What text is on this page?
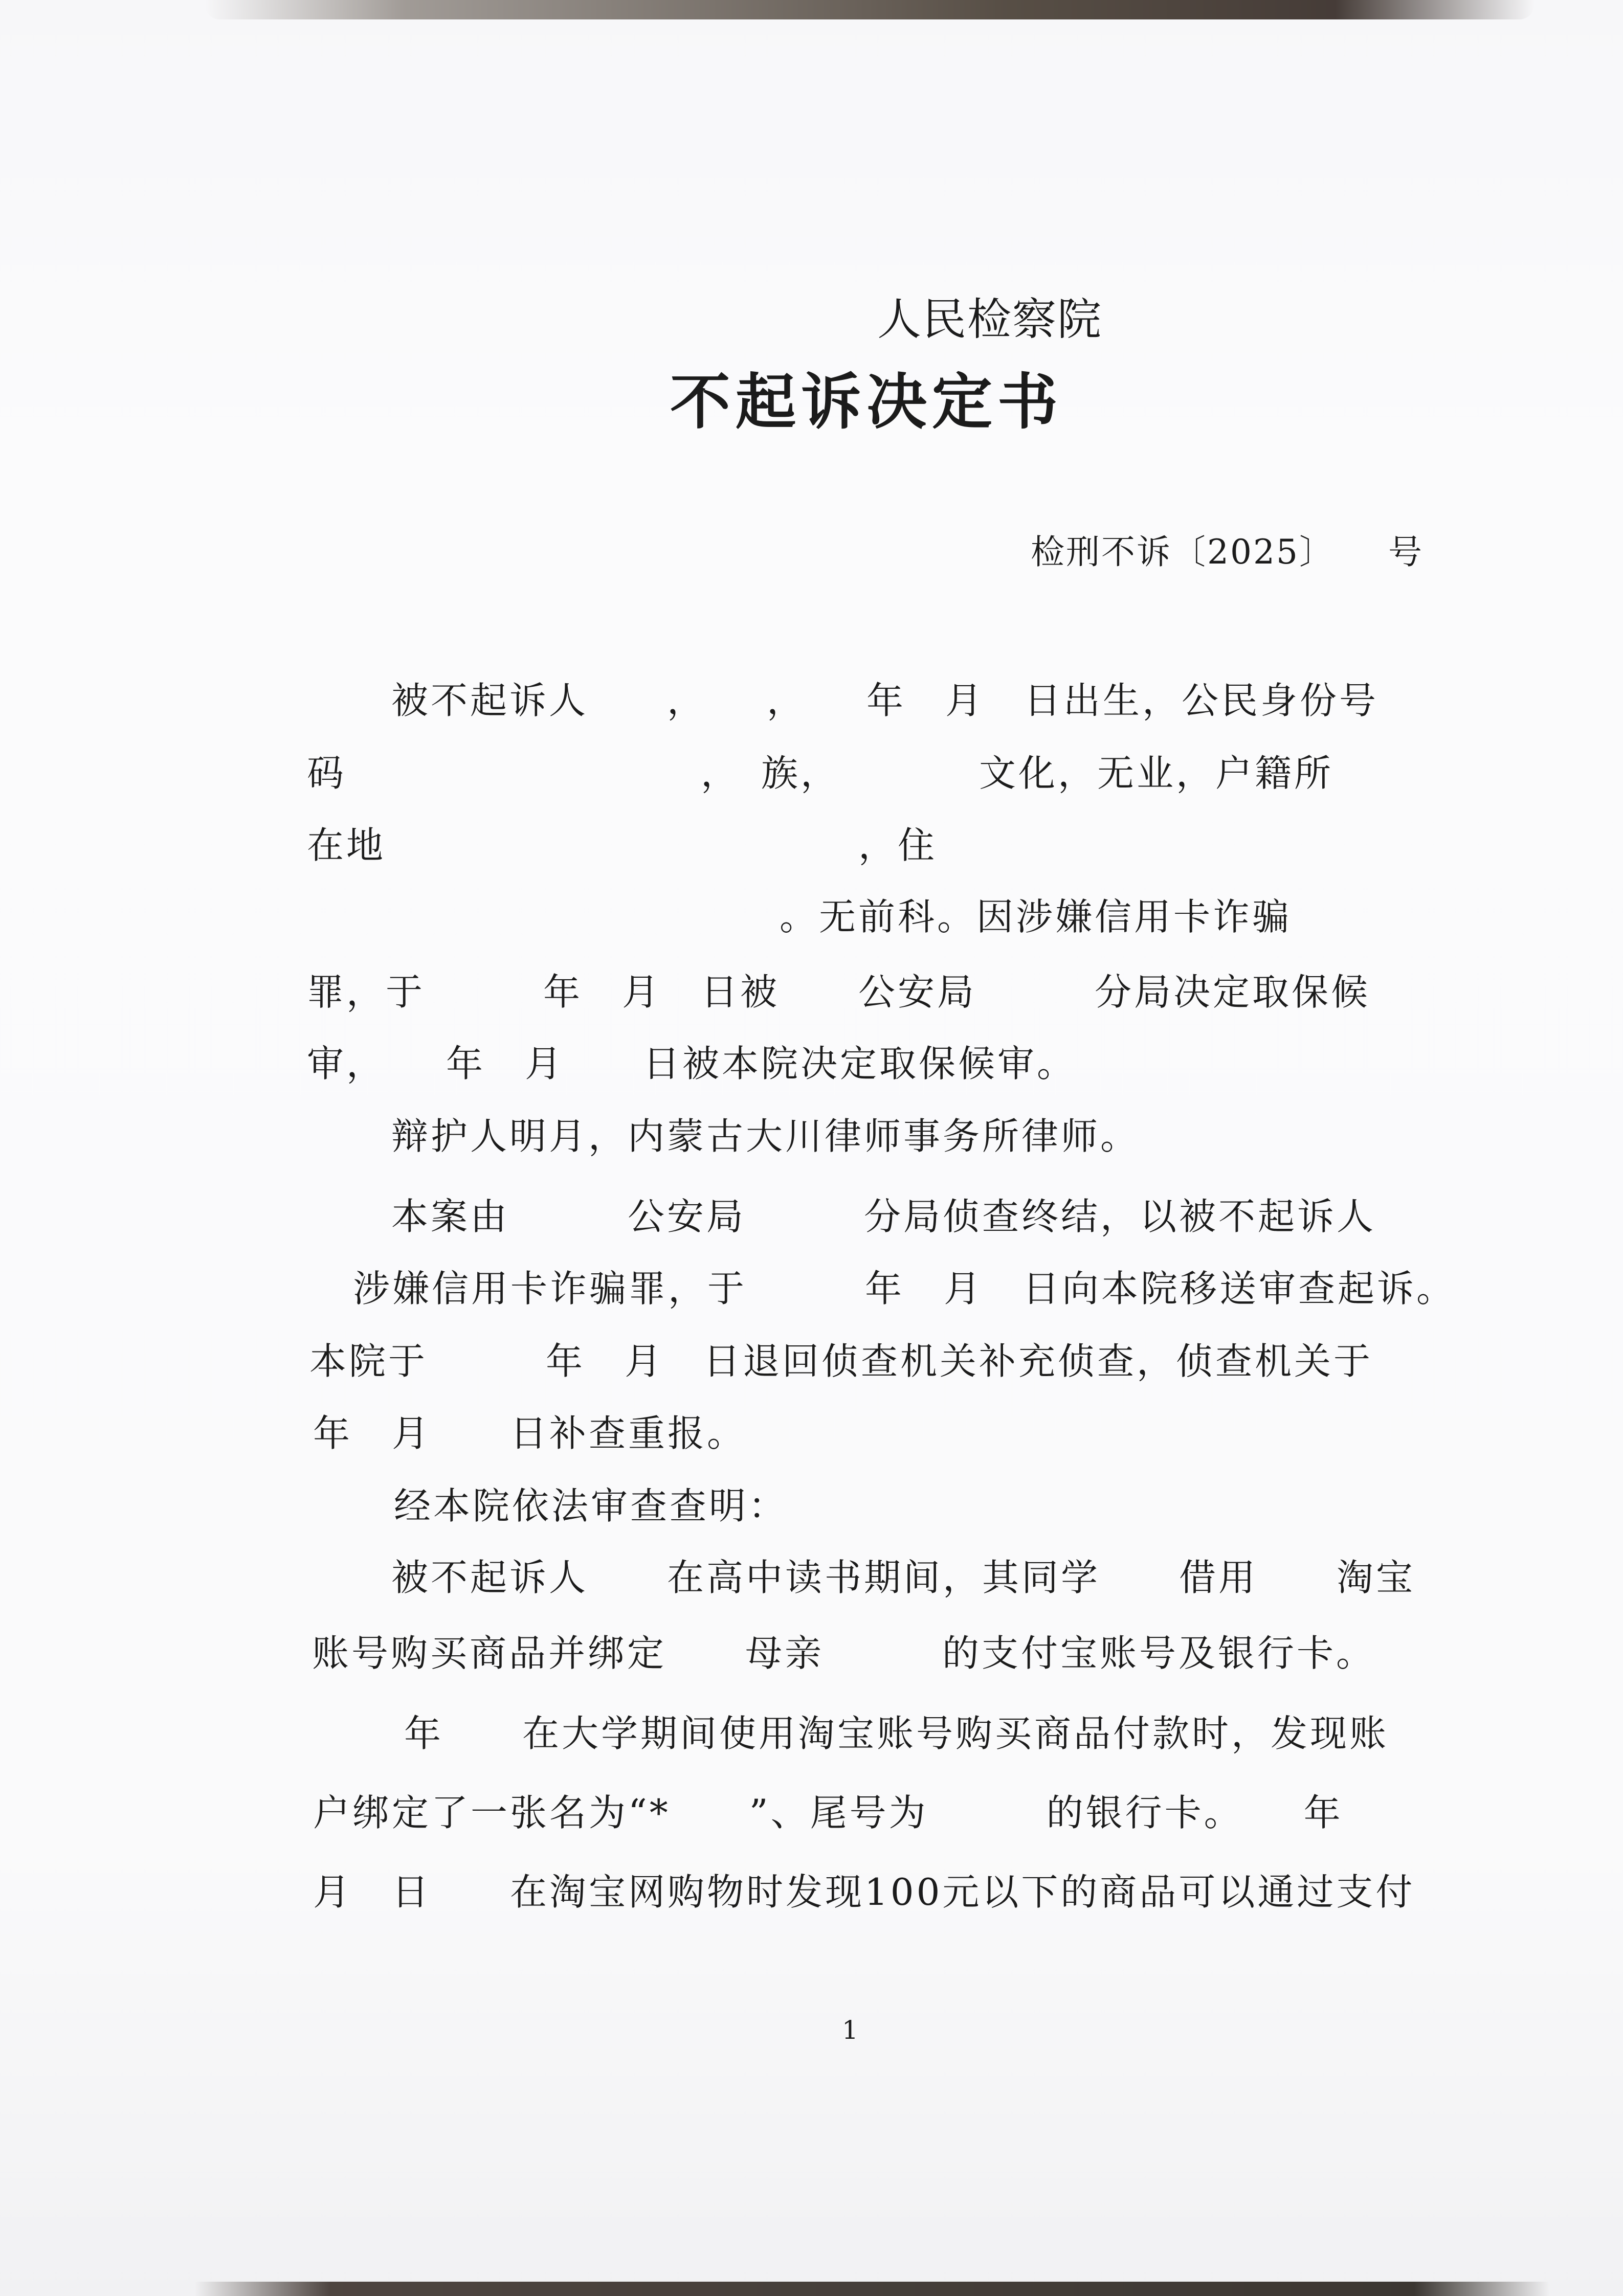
人民检察院
不起诉决定书
检刑不诉〔2025〕　　号
被不起诉人　　，　　，　　年　月　日出生，公民身份号
码　　　　　　　　　，　族，　　　　文化，无业，户籍所
在地　　　　　　　　　　　　，住
　　　　　　　　　　　　。无前科。因涉嫌信用卡诈骗
罪，于　　　年　月　日被　　公安局　　　分局决定取保候
审，　　年　月　　日被本院决定取保候审。
辩护人明月，内蒙古大川律师事务所律师。
本案由　　　公安局　　　分局侦查终结，以被不起诉人
涉嫌信用卡诈骗罪，于　　　年　月　日向本院移送审查起诉。
本院于　　　年　月　日退回侦查机关补充侦查，侦查机关于
年　月　　日补查重报。
经本院依法审查查明：
被不起诉人　　在高中读书期间，其同学　　借用　　淘宝
账号购买商品并绑定　　母亲　　　的支付宝账号及银行卡。
年　　在大学期间使用淘宝账号购买商品付款时，发现账
户绑定了一张名为“*　　”、尾号为　　　的银行卡。　　年
月　日　　在淘宝网购物时发现100元以下的商品可以通过支付
1
